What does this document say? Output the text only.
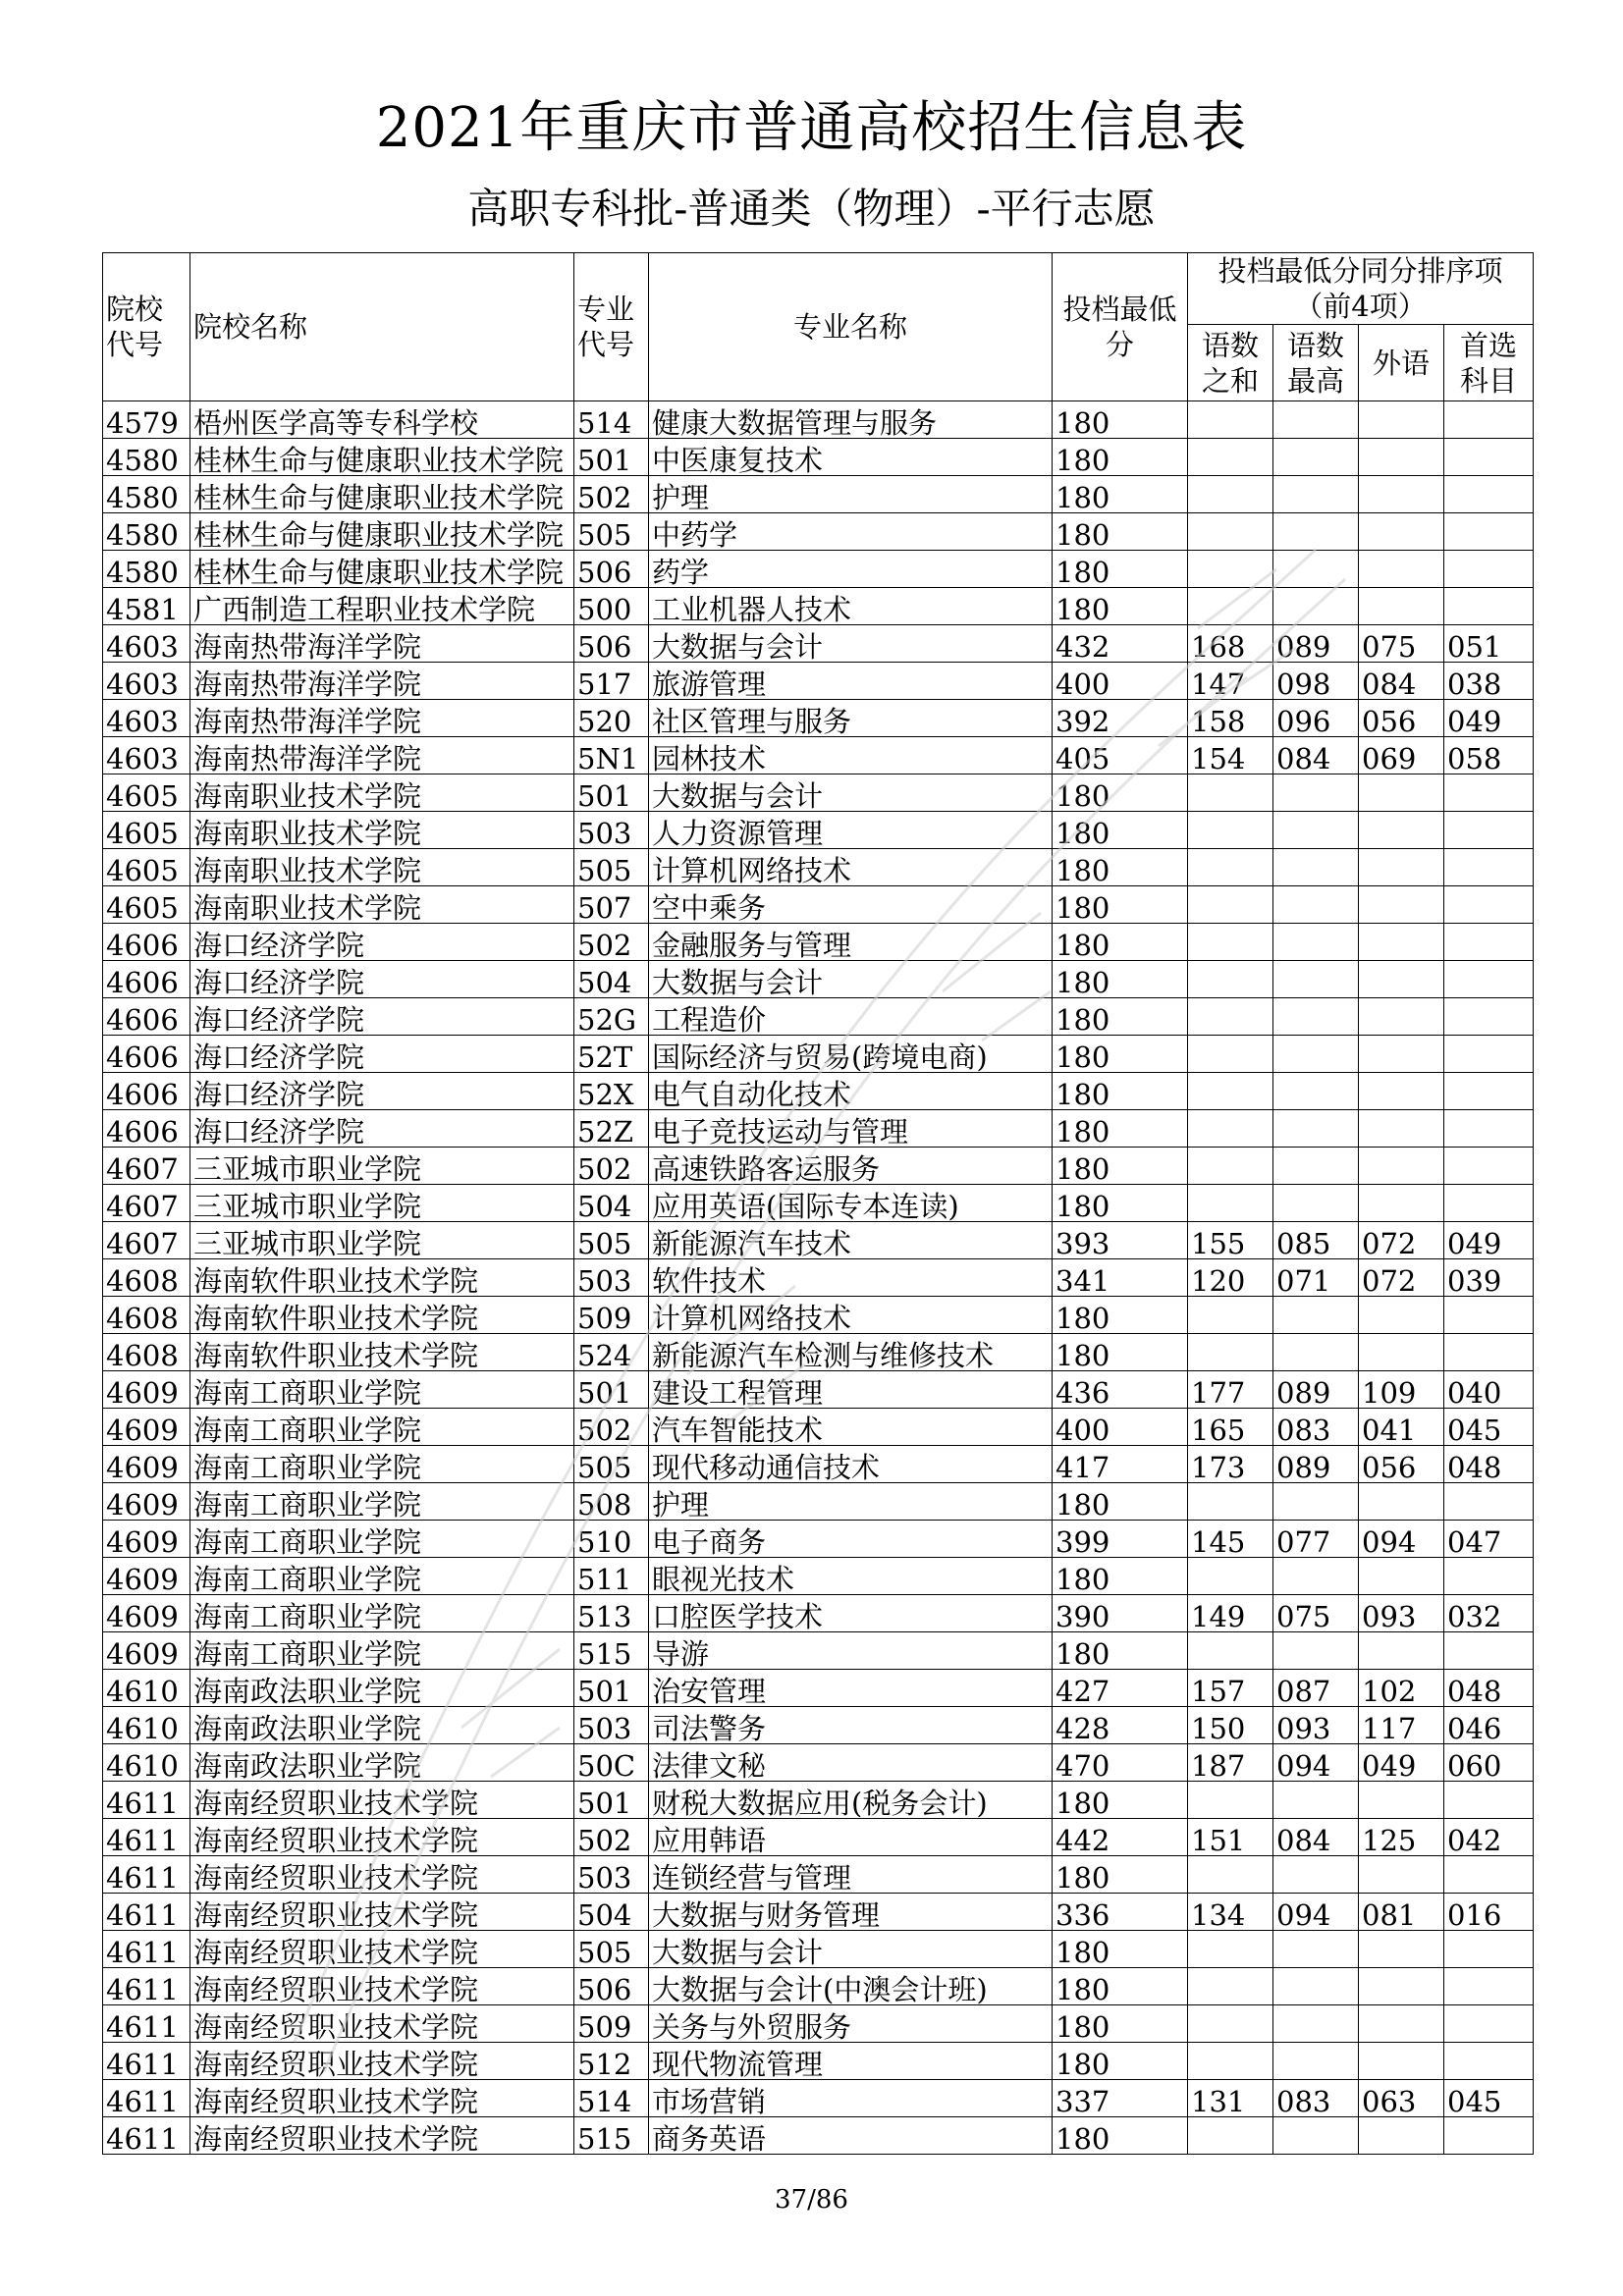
2021年重庆市普通高校招生信息表
高职专科批-普通类（物理）-平行志愿
院校代号	院校名称	专业代号	专业名称	投档最低分	投档最低分同分排序项（前4项）			
					语数之和	语数最高	外语	首选科目
4579	梧州医学高等专科学校	514	健康大数据管理与服务	180				
4580	桂林生命与健康职业技术学院	501	中医康复技术	180				
4580	桂林生命与健康职业技术学院	502	护理	180				
4580	桂林生命与健康职业技术学院	505	中药学	180				
4580	桂林生命与健康职业技术学院	506	药学	180				
4581	广西制造工程职业技术学院	500	工业机器人技术	180				
4603	海南热带海洋学院	506	大数据与会计	432	168	089	075	051
4603	海南热带海洋学院	517	旅游管理	400	147	098	084	038
4603	海南热带海洋学院	520	社区管理与服务	392	158	096	056	049
4603	海南热带海洋学院	5N1	园林技术	405	154	084	069	058
4605	海南职业技术学院	501	大数据与会计	180				
4605	海南职业技术学院	503	人力资源管理	180				
4605	海南职业技术学院	505	计算机网络技术	180				
4605	海南职业技术学院	507	空中乘务	180				
4606	海口经济学院	502	金融服务与管理	180				
4606	海口经济学院	504	大数据与会计	180				
4606	海口经济学院	52G	工程造价	180				
4606	海口经济学院	52T	国际经济与贸易(跨境电商)	180				
4606	海口经济学院	52X	电气自动化技术	180				
4606	海口经济学院	52Z	电子竞技运动与管理	180				
4607	三亚城市职业学院	502	高速铁路客运服务	180				
4607	三亚城市职业学院	504	应用英语(国际专本连读)	180				
4607	三亚城市职业学院	505	新能源汽车技术	393	155	085	072	049
4608	海南软件职业技术学院	503	软件技术	341	120	071	072	039
4608	海南软件职业技术学院	509	计算机网络技术	180				
4608	海南软件职业技术学院	524	新能源汽车检测与维修技术	180				
4609	海南工商职业学院	501	建设工程管理	436	177	089	109	040
4609	海南工商职业学院	502	汽车智能技术	400	165	083	041	045
4609	海南工商职业学院	505	现代移动通信技术	417	173	089	056	048
4609	海南工商职业学院	508	护理	180				
4609	海南工商职业学院	510	电子商务	399	145	077	094	047
4609	海南工商职业学院	511	眼视光技术	180				
4609	海南工商职业学院	513	口腔医学技术	390	149	075	093	032
4609	海南工商职业学院	515	导游	180				
4610	海南政法职业学院	501	治安管理	427	157	087	102	048
4610	海南政法职业学院	503	司法警务	428	150	093	117	046
4610	海南政法职业学院	50C	法律文秘	470	187	094	049	060
4611	海南经贸职业技术学院	501	财税大数据应用(税务会计)	180				
4611	海南经贸职业技术学院	502	应用韩语	442	151	084	125	042
4611	海南经贸职业技术学院	503	连锁经营与管理	180				
4611	海南经贸职业技术学院	504	大数据与财务管理	336	134	094	081	016
4611	海南经贸职业技术学院	505	大数据与会计	180				
4611	海南经贸职业技术学院	506	大数据与会计(中澳会计班)	180				
4611	海南经贸职业技术学院	509	关务与外贸服务	180				
4611	海南经贸职业技术学院	512	现代物流管理	180				
4611	海南经贸职业技术学院	514	市场营销	337	131	083	063	045
4611	海南经贸职业技术学院	515	商务英语	180				
37/86
